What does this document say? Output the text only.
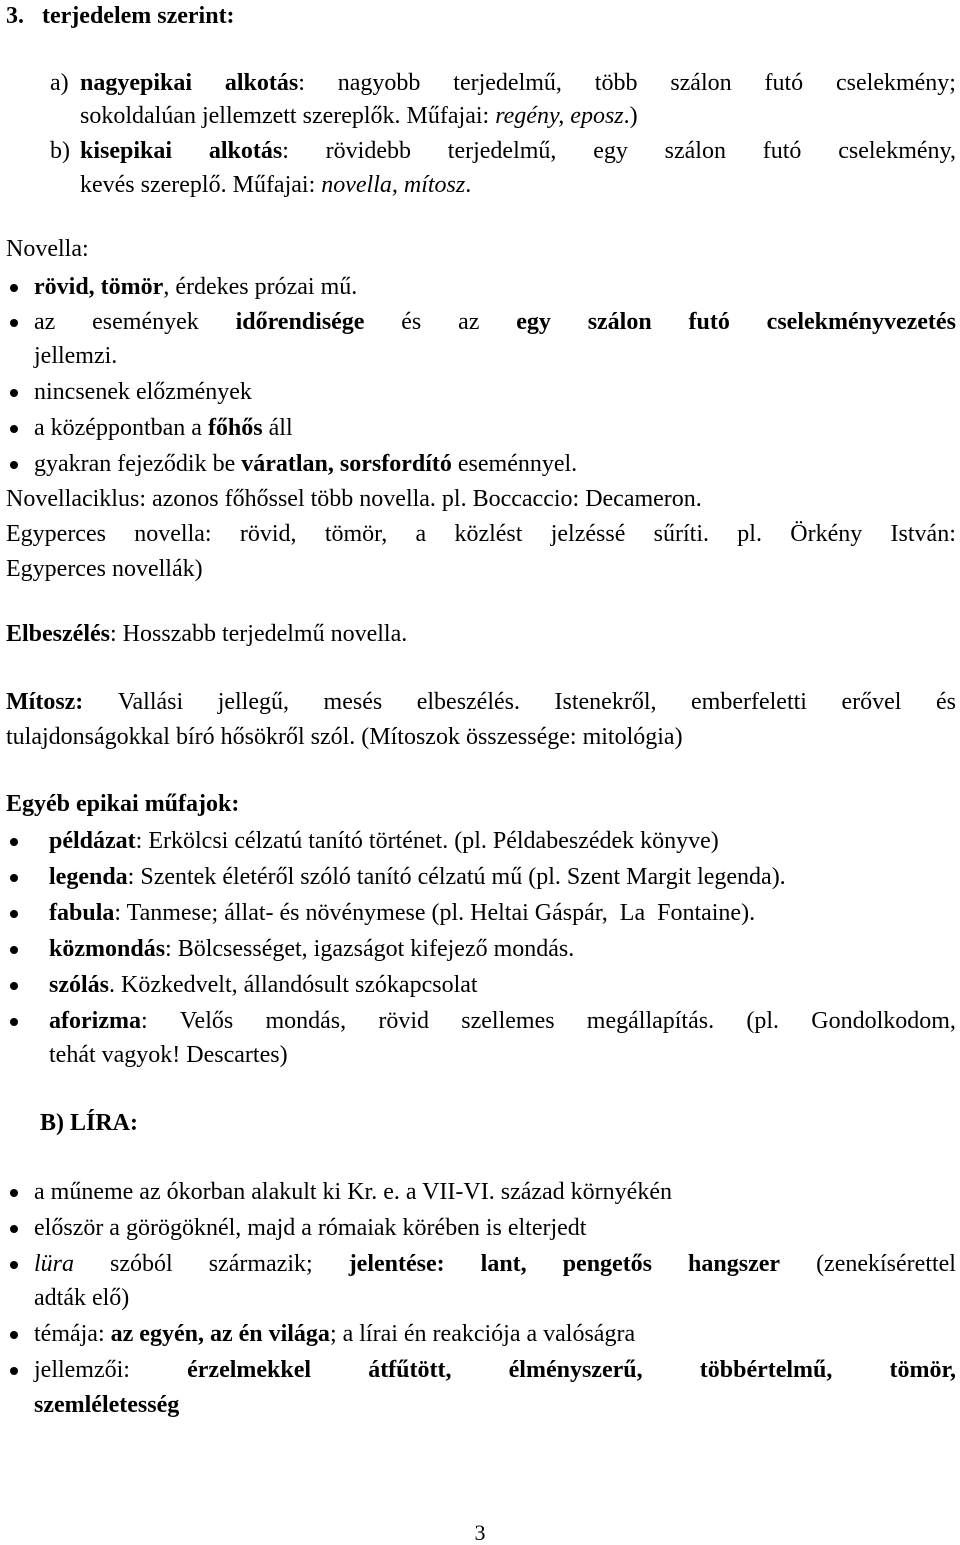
3. terjedelem szerint:
a) nagyepikai alkotás: nagyobb terjedelmű, több szálon futó cselekmény;
sokoldalúan jellemzett szereplők. Műfajai: regény, eposz.)
b) kisepikai alkotás: rövidebb terjedelmű, egy szálon futó cselekmény,
kevés szereplő. Műfajai: novella, mítosz.
Novella:
rövid, tömör, érdekes prózai mű.
az események időrendisége és az egy szálon futó cselekményvezetés
jellemzi.
nincsenek előzmények
a középpontban a főhős áll
gyakran fejeződik be váratlan, sorsfordító eseménnyel.
Novellaciklus: azonos főhőssel több novella. pl. Boccaccio: Decameron.
Egyperces novella: rövid, tömör, a közlést jelzéssé sűríti. pl. Örkény István:
Egyperces novellák)
Elbeszélés: Hosszabb terjedelmű novella.
Mítosz: Vallási jellegű, mesés elbeszélés. Istenekről, emberfeletti erővel és
tulajdonságokkal bíró hősökről szól. (Mítoszok összessége: mitológia)
Egyéb epikai műfajok:
példázat: Erkölcsi célzatú tanító történet. (pl. Példabeszédek könyve)
legenda: Szentek életéről szóló tanító célzatú mű (pl. Szent Margit legenda).
fabula: Tanmese; állat- és növénymese (pl. Heltai Gáspár,  La  Fontaine).
közmondás: Bölcsességet, igazságot kifejező mondás.
szólás. Közkedvelt, állandósult szókapcsolat
aforizma: Velős mondás, rövid szellemes megállapítás. (pl. Gondolkodom,
tehát vagyok! Descartes)
B) LÍRA:
a műneme az ókorban alakult ki Kr. e. a VII-VI. század környékén
először a görögöknél, majd a rómaiak körében is elterjedt
lüra szóból származik; jelentése: lant, pengetős hangszer (zenekísérettel
adták elő)
témája: az egyén, az én világa; a lírai én reakciója a valóságra
jellemzői: érzelmekkel átfűtött, élményszerű, többértelmű, tömör,
szemléletesség
3
